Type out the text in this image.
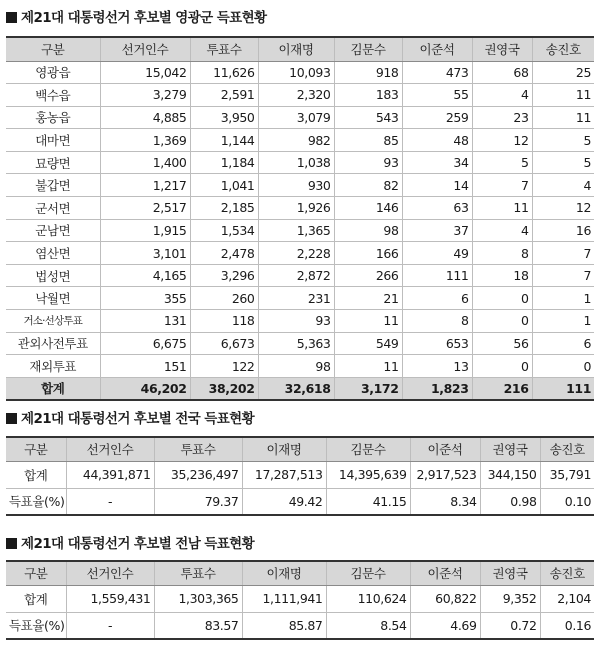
제21대 대통령선거 후보별 영광군 득표현황
구분	선거인수	투표수	이재명	김문수	이준석	권영국	송진호
영광읍	15,042	11,626	10,093	918	473	68	25
백수읍	3,279	2,591	2,320	183	55	4	11
홍농읍	4,885	3,950	3,079	543	259	23	11
대마면	1,369	1,144	982	85	48	12	5
묘량면	1,400	1,184	1,038	93	34	5	5
불갑면	1,217	1,041	930	82	14	7	4
군서면	2,517	2,185	1,926	146	63	11	12
군남면	1,915	1,534	1,365	98	37	4	16
염산면	3,101	2,478	2,228	166	49	8	7
법성면	4,165	3,296	2,872	266	111	18	7
낙월면	355	260	231	21	6	0	1
거소·선상투표	131	118	93	11	8	0	1
관외사전투표	6,675	6,673	5,363	549	653	56	6
재외투표	151	122	98	11	13	0	0
합계	46,202	38,202	32,618	3,172	1,823	216	111
제21대 대통령선거 후보별 전국 득표현황
구분	선거인수	투표수	이재명	김문수	이준석	권영국	송진호
합계	44,391,871	35,236,497	17,287,513	14,395,639	2,917,523	344,150	35,791
득표율(%)	-	79.37	49.42	41.15	8.34	0.98	0.10
제21대 대통령선거 후보별 전남 득표현황
구분	선거인수	투표수	이재명	김문수	이준석	권영국	송진호
합계	1,559,431	1,303,365	1,111,941	110,624	60,822	9,352	2,104
득표율(%)	-	83.57	85.87	8.54	4.69	0.72	0.16
